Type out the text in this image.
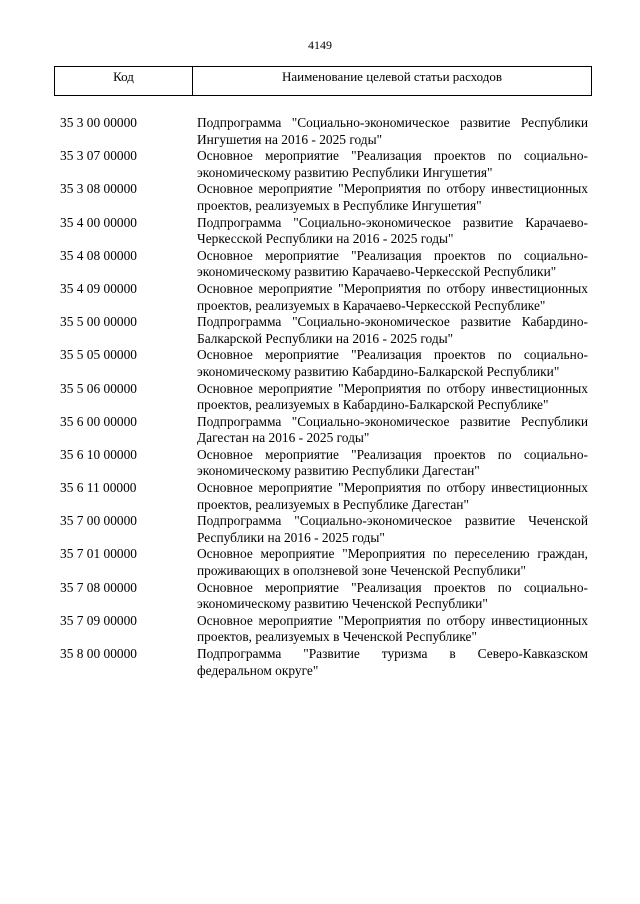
4149
Код	Наименование целевой статьи расходов
35 3 00 00000	Подпрограмма "Социально-экономическое развитие Республики Ингушетия на 2016 - 2025 годы"
35 3 07 00000	Основное мероприятие "Реализация проектов по социально-экономическому развитию Республики Ингушетия"
35 3 08 00000	Основное мероприятие "Мероприятия по отбору инвестиционных проектов, реализуемых в Республике Ингушетия"
35 4 00 00000	Подпрограмма "Социально-экономическое развитие Карачаево-Черкесской Республики на 2016 - 2025 годы"
35 4 08 00000	Основное мероприятие "Реализация проектов по социально-экономическому развитию Карачаево-Черкесской Республики"
35 4 09 00000	Основное мероприятие "Мероприятия по отбору инвестиционных проектов, реализуемых в Карачаево-Черкесской Республике"
35 5 00 00000	Подпрограмма "Социально-экономическое развитие Кабардино-Балкарской Республики на 2016 - 2025 годы"
35 5 05 00000	Основное мероприятие "Реализация проектов по социально-экономическому развитию Кабардино-Балкарской Республики"
35 5 06 00000	Основное мероприятие "Мероприятия по отбору инвестиционных проектов, реализуемых в Кабардино-Балкарской Республике"
35 6 00 00000	Подпрограмма "Социально-экономическое развитие Республики Дагестан на 2016 - 2025 годы"
35 6 10 00000	Основное мероприятие "Реализация проектов по социально-экономическому развитию Республики Дагестан"
35 6 11 00000	Основное мероприятие "Мероприятия по отбору инвестиционных проектов, реализуемых в Республике Дагестан"
35 7 00 00000	Подпрограмма "Социально-экономическое развитие Чеченской Республики на 2016 - 2025 годы"
35 7 01 00000	Основное мероприятие "Мероприятия по переселению граждан, проживающих в оползневой зоне Чеченской Республики"
35 7 08 00000	Основное мероприятие "Реализация проектов по социально-экономическому развитию Чеченской Республики"
35 7 09 00000	Основное мероприятие "Мероприятия по отбору инвестиционных проектов, реализуемых в Чеченской Республике"
35 8 00 00000	Подпрограмма "Развитие туризма в Северо-Кавказском федеральном округе"
